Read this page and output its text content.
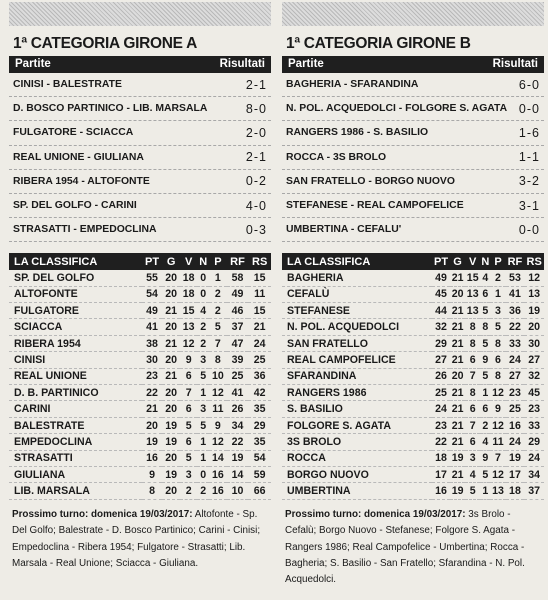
1ª CATEGORIA GIRONE A
Partite	Risultati
CINISI - BALESTRATE	2-1
D. BOSCO PARTINICO - LIB. MARSALA	8-0
FULGATORE - SCIACCA	2-0
REAL UNIONE - GIULIANA	2-1
RIBERA 1954 - ALTOFONTE	0-2
SP. DEL GOLFO - CARINI	4-0
STRASATTI - EMPEDOCLINA	0-3
LA CLASSIFICA	PT	G	V	N	P	RF	RS
SP. DEL GOLFO	55	20	18	0	1	58	15
ALTOFONTE	54	20	18	0	2	49	11
FULGATORE	49	21	15	4	2	46	15
SCIACCA	41	20	13	2	5	37	21
RIBERA 1954	38	21	12	2	7	47	24
CINISI	30	20	9	3	8	39	25
REAL UNIONE	23	21	6	5	10	25	36
D. B. PARTINICO	22	20	7	1	12	41	42
CARINI	21	20	6	3	11	26	35
BALESTRATE	20	19	5	5	9	34	29
EMPEDOCLINA	19	19	6	1	12	22	35
STRASATTI	16	20	5	1	14	19	54
GIULIANA	9	19	3	0	16	14	59
LIB. MARSALA	8	20	2	2	16	10	66
Prossimo turno: domenica 19/03/2017: Altofonte - Sp. Del Golfo; Balestrate - D. Bosco Partinico; Carini - Cinisi; Empedoclina - Ribera 1954; Fulgatore - Strasatti; Lib. Marsala - Real Unione; Sciacca - Giuliana.
1ª CATEGORIA GIRONE B
Partite	Risultati
BAGHERIA - SFARANDINA	6-0
N. POL. ACQUEDOLCI - FOLGORE S. AGATA 0-0
RANGERS 1986 - S. BASILIO	1-6
ROCCA - 3S BROLO	1-1
SAN FRATELLO - BORGO NUOVO	3-2
STEFANESE - REAL CAMPOFELICE	3-1
UMBERTINA - CEFALU'	0-0
LA CLASSIFICA	PT	G	V	N	P	RF	RS
BAGHERIA	49	21	15	4	2	53	12
CEFALÙ	45	20	13	6	1	41	13
STEFANESE	44	21	13	5	3	36	19
N. POL. ACQUEDOLCI	32	21	8	8	5	22	20
SAN FRATELLO	29	21	8	5	8	33	30
REAL CAMPOFELICE	27	21	6	9	6	24	27
SFARANDINA	26	20	7	5	8	27	32
RANGERS 1986	25	21	8	1	12	23	45
S. BASILIO	24	21	6	6	9	25	23
FOLGORE S. AGATA	23	21	7	2	12	16	33
3S BROLO	22	21	6	4	11	24	29
ROCCA	18	19	3	9	7	19	24
BORGO NUOVO	17	21	4	5	12	17	34
UMBERTINA	16	19	5	1	13	18	37
Prossimo turno: domenica 19/03/2017: 3s Brolo - Cefalù; Borgo Nuovo - Stefanese; Folgore S. Agata - Rangers 1986; Real Campofelice - Umbertina; Rocca - Bagheria; S. Basilio - San Fratello; Sfarandina - N. Pol. Acquedolci.
